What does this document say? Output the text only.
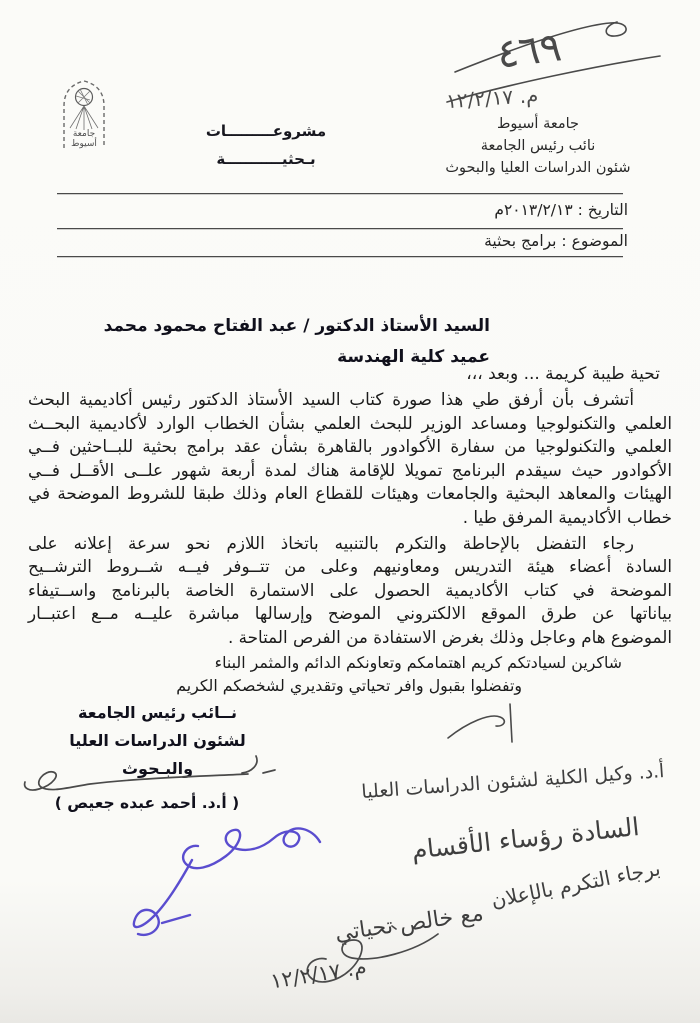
جامعة
أسيوط
٤٦٩
م. ١٢/٢/١٧
جامعة أسيوط
نائب رئيس الجامعة
شئون الدراسات العليا والبحوث
مشروعـــــــــات
بـحثيـــــــــــة
التاريخ : ٢٠١٣/٢/١٣م
الموضوع : برامج بحثية
السيد الأستاذ الدكتور / عبد الفتاح محمود محمد
عميد كلية الهندسة
تحية طيبة كريمة ... وبعد ،،،
أتشرف بأن أرفق طي هذا صورة كتاب السيد الأستاذ الدكتور رئيس أكاديمية البحث
العلمي والتكنولوجيا ومساعد الوزير للبحث العلمي بشأن الخطاب الوارد لأكاديمية البحــث
العلمي والتكنولوجيا من سفارة الأكوادور بالقاهرة بشأن عقد برامج بحثية للبــاحثين فــي
الأكوادور حيث سيقدم البرنامج تمويلا للإقامة هناك لمدة أربعة شهور علــى الأقــل فــي
الهيئات والمعاهد البحثية والجامعات وهيئات للقطاع العام وذلك طبقا للشروط الموضحة في
خطاب الأكاديمية المرفق طيا .
رجاء التفضل بالإحاطة والتكرم بالتنبيه باتخاذ اللازم نحو سرعة إعلانه على
السادة أعضاء هيئة التدريس ومعاونيهم وعلى من تتــوفر فيــه شــروط الترشــيح
الموضحة في كتاب الأكاديمية الحصول على الاستمارة الخاصة بالبرنامج واســتيفاء
بياناتها عن طرق الموقع الالكتروني الموضح وإرسالها مباشرة عليــه مــع اعتبــار
الموضوع هام وعاجل وذلك بغرض الاستفادة من الفرص المتاحة .
شاكرين لسيادتكم كريم اهتمامكم وتعاونكم الدائم والمثمر البناء
وتفضلوا بقبول وافر تحياتي وتقديري لشخصكم الكريم
نــائب رئيس الجامعة
لشئون الدراسات العليا والبـحوث
( أ.د. أحمد عبده جعيص )	أ.د. وكيل الكلية لشئون الدراسات العليا
السادة رؤساء الأقسام
برجاء التكرم بالإعلان
مع خالص تحياتي
م. ١٢/٢/١٧
